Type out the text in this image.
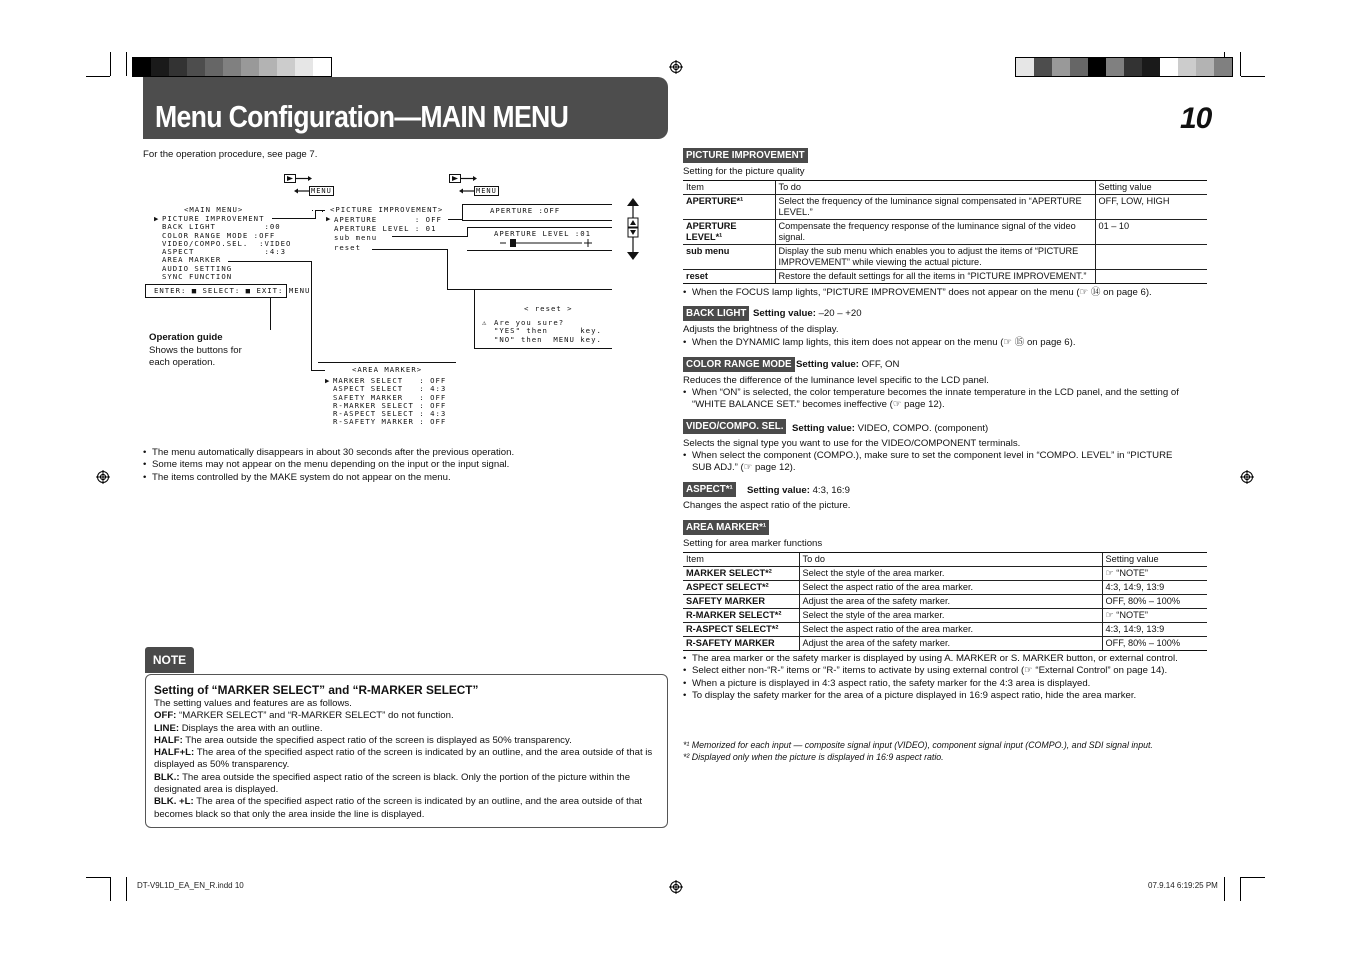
Menu Configuration—MAIN MENU	10
For the operation procedure, see page 7.
MENU	MENU
<MAIN MENU>
▶ PICTURE IMPROVEMENT
BACK LIGHT         :00
COLOR RANGE MODE :OFF
VIDEO/COMPO.SEL.  :VIDEO
ASPECT             :4:3
AREA MARKER
AUDIO SETTING
SYNC FUNCTION
ENTER: ■ SELECT: ■ EXIT: MENU
<PICTURE IMPROVEMENT>
▶ APERTURE       : OFF
APERTURE LEVEL : 01
sub menu
reset
APERTURE :OFF
APERTURE LEVEL :01
< reset >
⚠ Are you sure?
"YES" then      key.
"NO" then  MENU key.
<AREA MARKER>
▶ MARKER SELECT   : OFF
ASPECT SELECT   : 4:3
SAFETY MARKER   : OFF
R-MARKER SELECT : OFF
R-ASPECT SELECT : 4:3
R-SAFETY MARKER : OFF
Operation guide
Shows the buttons for each operation.
• The menu automatically disappears in about 30 seconds after the previous operation.
• Some items may not appear on the menu depending on the input or the input signal.
• The items controlled by the MAKE system do not appear on the menu.
NOTE
Setting of “MARKER SELECT” and “R-MARKER SELECT”
The setting values and features are as follows.
OFF: “MARKER SELECT” and “R-MARKER SELECT” do not function.
LINE: Displays the area with an outline.
HALF: The area outside the specified aspect ratio of the screen is displayed as 50% transparency.
HALF+L: The area of the specified aspect ratio of the screen is indicated by an outline, and the area outside of that is displayed as 50% transparency.
BLK.: The area outside the specified aspect ratio of the screen is black. Only the portion of the picture within the designated area is displayed.
BLK. +L: The area of the specified aspect ratio of the screen is indicated by an outline, and the area outside of that becomes black so that only the area inside the line is displayed.
PICTURE IMPROVEMENT
Setting for the picture quality
Item	To do	Setting value
APERTURE*¹	Select the frequency of the luminance signal compensated in “APERTURE LEVEL.”	OFF, LOW, HIGH
APERTURE LEVEL*¹	Compensate the frequency response of the luminance signal of the video signal.	01 – 10
sub menu	Display the sub menu which enables you to adjust the items of “PICTURE IMPROVEMENT” while viewing the actual picture.	
reset	Restore the default settings for all the items in “PICTURE IMPROVEMENT.”	
• When the FOCUS lamp lights, “PICTURE IMPROVEMENT” does not appear on the menu (☞ ⑭ on page 6).
BACK LIGHT Setting value: –20 – +20
Adjusts the brightness of the display.
• When the DYNAMIC lamp lights, this item does not appear on the menu (☞ ⑮ on page 6).
COLOR RANGE MODE Setting value: OFF, ON
Reduces the difference of the luminance level specific to the LCD panel.
• When “ON” is selected, the color temperature becomes the innate temperature in the LCD panel, and the setting of “WHITE BALANCE SET.” becomes ineffective (☞ page 12).
VIDEO/COMPO. SEL. Setting value: VIDEO, COMPO. (component)
Selects the signal type you want to use for the VIDEO/COMPONENT terminals.
• When select the component (COMPO.), make sure to set the component level in “COMPO. LEVEL” in “PICTURE SUB ADJ.” (☞ page 12).
ASPECT*¹	Setting value: 4:3, 16:9
Changes the aspect ratio of the picture.
AREA MARKER*¹
Setting for area marker functions
Item	To do	Setting value
MARKER SELECT*²	Select the style of the area marker.	☞ “NOTE”
ASPECT SELECT*²	Select the aspect ratio of the area marker.	4:3, 14:9, 13:9
SAFETY MARKER	Adjust the area of the safety marker.	OFF, 80% – 100%
R-MARKER SELECT*²	Select the style of the area marker.	☞ “NOTE”
R-ASPECT SELECT*²	Select the aspect ratio of the area marker.	4:3, 14:9, 13:9
R-SAFETY MARKER	Adjust the area of the safety marker.	OFF, 80% – 100%
• The area marker or the safety marker is displayed by using A. MARKER or S. MARKER button, or external control.
• Select either non-“R-” items or “R-” items to activate by using external control (☞ “External Control” on page 14).
• When a picture is displayed in 4:3 aspect ratio, the safety marker for the 4:3 area is displayed.
• To display the safety marker for the area of a picture displayed in 16:9 aspect ratio, hide the area marker.
*¹ Memorized for each input — composite signal input (VIDEO), component signal input (COMPO.), and SDI signal input.
*² Displayed only when the picture is displayed in 16:9 aspect ratio.
DT-V9L1D_EA_EN_R.indd 10	07.9.14 6:19:25 PM
